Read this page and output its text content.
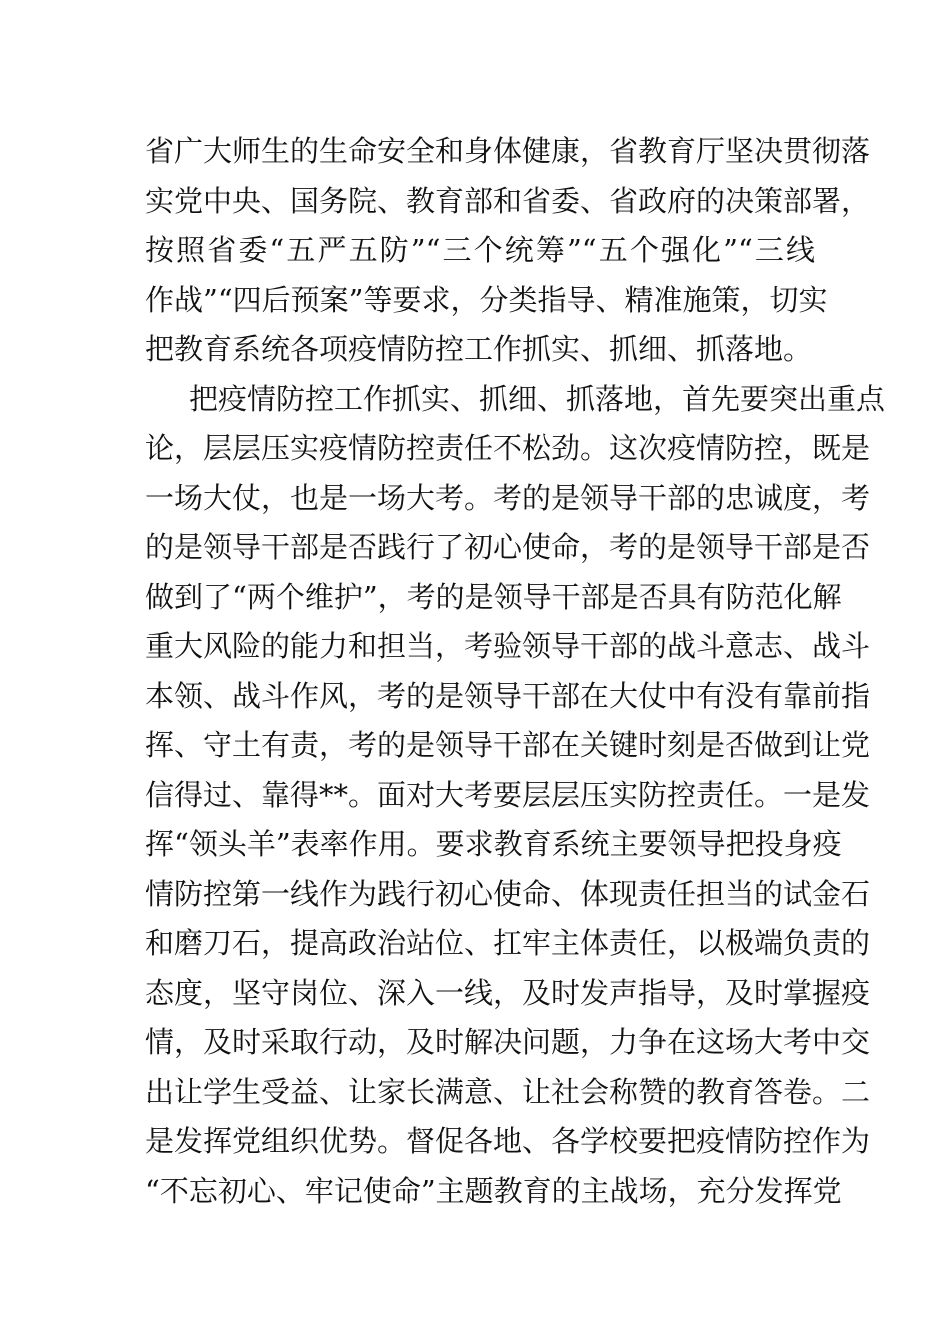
省广大师生的生命安全和身体健康，省教育厅坚决贯彻落
实党中央、国务院、教育部和省委、省政府的决策部署，
按照省委“五严五防”“三个统筹”“五个强化”“三线
作战”“四后预案”等要求，分类指导、精准施策，切实
把教育系统各项疫情防控工作抓实、抓细、抓落地。
把疫情防控工作抓实、抓细、抓落地，首先要突出重点
论，层层压实疫情防控责任不松劲。这次疫情防控，既是
一场大仗，也是一场大考。考的是领导干部的忠诚度，考
的是领导干部是否践行了初心使命，考的是领导干部是否
做到了“两个维护”，考的是领导干部是否具有防范化解
重大风险的能力和担当，考验领导干部的战斗意志、战斗
本领、战斗作风，考的是领导干部在大仗中有没有靠前指
挥、守土有责，考的是领导干部在关键时刻是否做到让党
信得过、靠得**。面对大考要层层压实防控责任。一是发
挥“领头羊”表率作用。要求教育系统主要领导把投身疫
情防控第一线作为践行初心使命、体现责任担当的试金石
和磨刀石，提高政治站位、扛牢主体责任，以极端负责的
态度，坚守岗位、深入一线，及时发声指导，及时掌握疫
情，及时采取行动，及时解决问题，力争在这场大考中交
出让学生受益、让家长满意、让社会称赞的教育答卷。二
是发挥党组织优势。督促各地、各学校要把疫情防控作为
“不忘初心、牢记使命”主题教育的主战场，充分发挥党
